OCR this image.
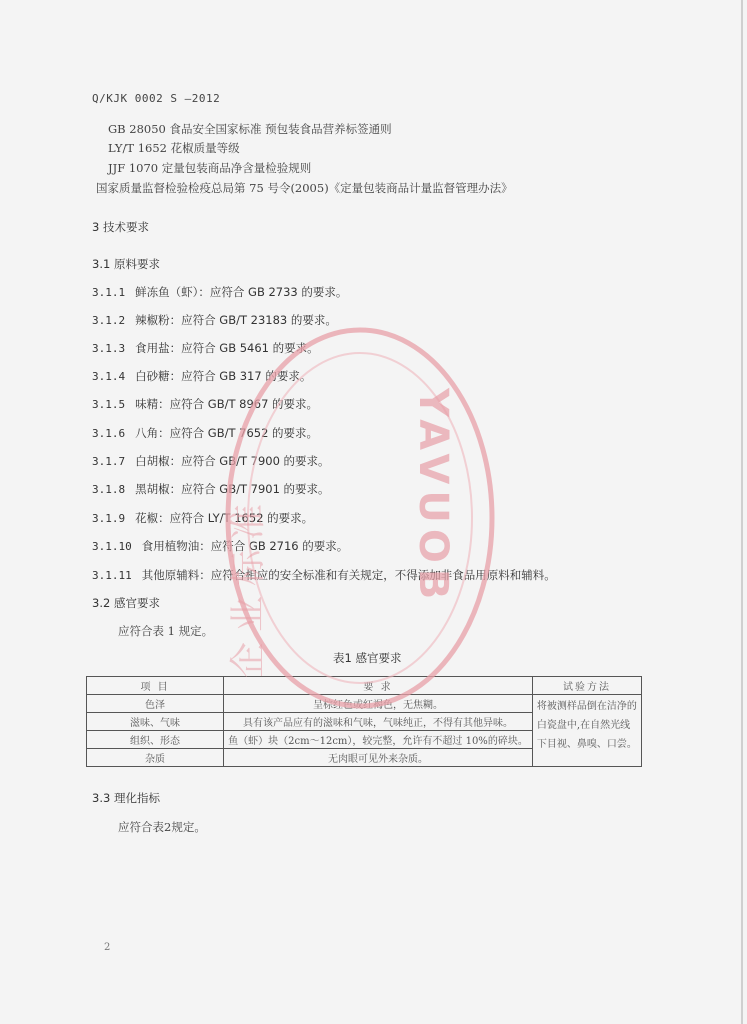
Q/KJK 0002 S —2012
GB 28050 食品安全国家标准 预包装食品营养标签通则
LY/T 1652 花椒质量等级
JJF 1070 定量包装商品净含量检验规则
国家质量监督检验检疫总局第 75 号令(2005)《定量包装商品计量监督管理办法》
3 技术要求
3.1 原料要求
3.1.1 鲜冻鱼（虾）：应符合 GB 2733 的要求。
3.1.2 辣椒粉：应符合 GB/T 23183 的要求。
3.1.3 食用盐：应符合 GB 5461 的要求。
3.1.4 白砂糖：应符合 GB 317 的要求。
3.1.5 味精：应符合 GB/T 8967 的要求。
3.1.6 八角：应符合 GB/T 7652 的要求。
3.1.7 白胡椒：应符合 GB/T 7900 的要求。
3.1.8 黑胡椒：应符合 GB/T 7901 的要求。
3.1.9 花椒：应符合 LY/T 1652 的要求。
3.1.10 食用植物油：应符合 GB 2716 的要求。
3.1.11 其他原辅料：应符合相应的安全标准和有关规定，不得添加非食品用原料和辅料。
3.2 感官要求
应符合表 1 规定。
表1 感官要求
项 目	要 求	试验方法
色泽	呈棕红色或红褐色，无焦糊。	将被测样品倒在洁净的白瓷盘中,在自然光线下目视、鼻嗅、口尝。
滋味、气味	具有该产品应有的滋味和气味，气味纯正，不得有其他异味。	
组织、形态	鱼（虾）块（2cm～12cm），较完整，允许有不超过 10%的碎块。	
杂质	无肉眼可见外来杂质。	
3.3 理化指标
应符合表2规定。
2
YAVUOB
企业标准
